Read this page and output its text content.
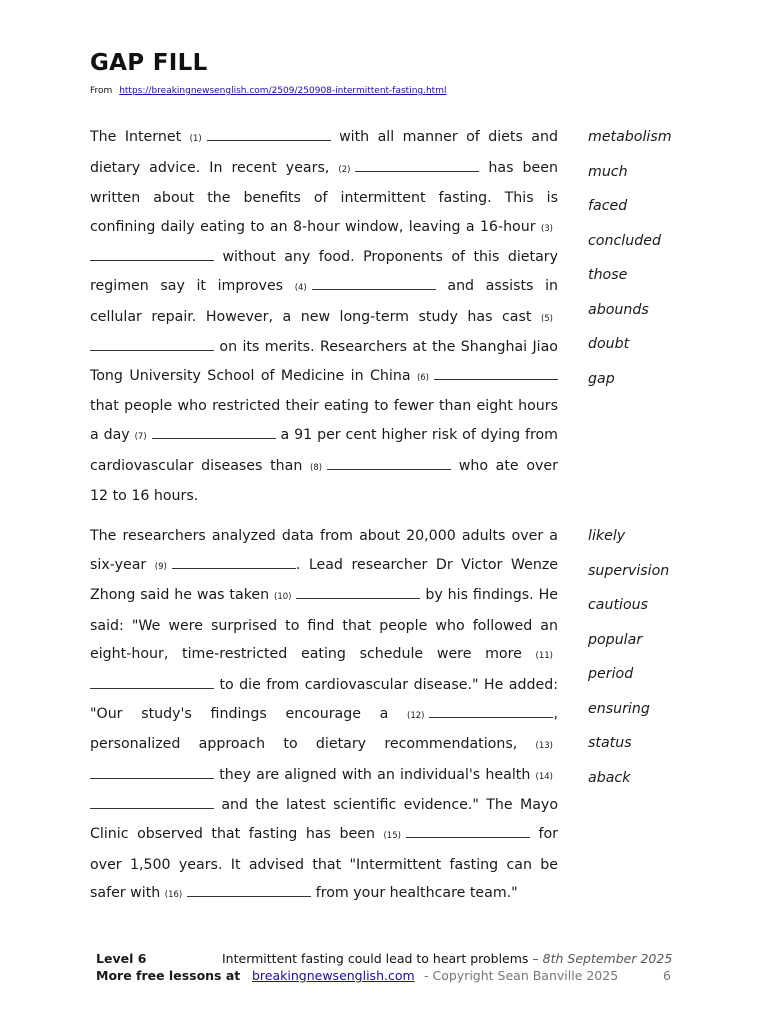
GAP FILL
From https://breakingnewsenglish.com/2509/250908-intermittent-fasting.html
The Internet (1)	with all manner of diets and dietary advice. In recent years, (2)	has been written about the benefits of intermittent fasting. This is confining daily eating to an 8-hour window, leaving a 16-hour (3) without any food. Proponents of this dietary regimen say it improves (4)	and assists in cellular repair. However, a new long-term study has cast (5) on its merits. Researchers at the Shanghai Jiao Tong University School of Medicine in China (6) that people who restricted their eating to fewer than eight hours a day (7)	a 91 per cent higher risk of dying from cardiovascular diseases than (8)	who ate over 12 to 16 hours.
metabolism
much
faced
concluded
those
abounds
doubt
gap
The researchers analyzed data from about 20,000 adults over a six-year (9)	. Lead researcher Dr Victor Wenze Zhong said he was taken (10)	by his findings. He said: "We were surprised to find that people who followed an eight-hour, time-restricted eating schedule were more (11) to die from cardiovascular disease." He added: "Our study's findings encourage a (12)	, personalized approach to dietary recommendations, (13) they are aligned with an individual's health (14) and the latest scientific evidence." The Mayo Clinic observed that fasting has been (15)	for over 1,500 years. It advised that "Intermittent fasting can be safer with (16)	from your healthcare team."
likely
supervision
cautious
popular
period
ensuring
status
aback
Level 6	Intermittent fasting could lead to heart problems – 8th September 2025
More free lessons at breakingnewsenglish.com - Copyright Sean Banville 2025	6
